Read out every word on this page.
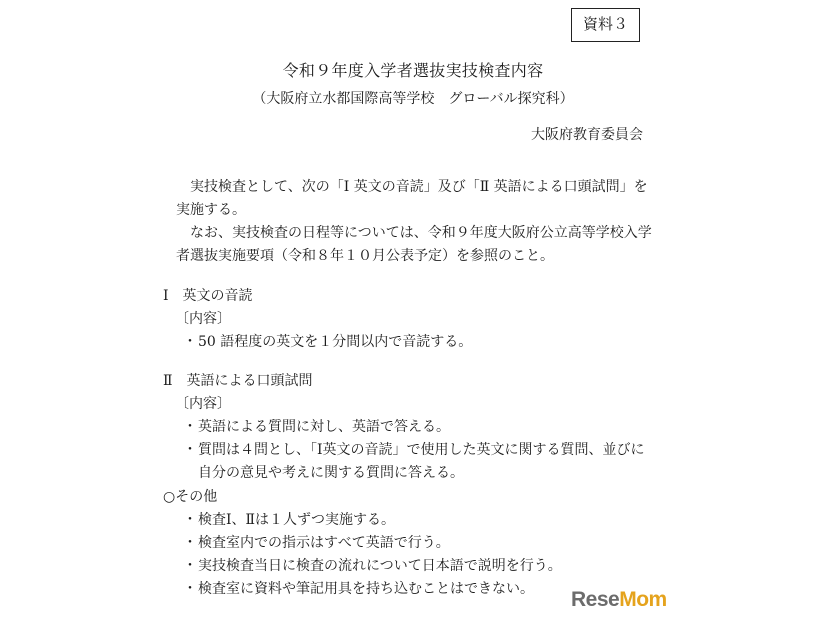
資料３
令和９年度入学者選抜実技検査内容
（大阪府立水都国際高等学校　グローバル探究科）
大阪府教育委員会

実技検査として、次の「Ⅰ 英文の音読」及び「Ⅱ 英語による口頭試問」を実施する。

なお、実技検査の日程等については、令和９年度大阪府公立高等学校入学者選抜実施要項（令和８年１０月公表予定）を参照のこと。

Ⅰ　英文の音読

〔内容〕

・ 50 語程度の英文を１分間以内で音読する。

Ⅱ　英語による口頭試問

〔内容〕

・ 英語による質問に対し、英語で答える。
・ 質問は４問とし、「Ⅰ英文の音読」で使用した英文に関する質問、並びに自分の意見や考えに関する質問に答える。

○その他

・ 検査Ⅰ、Ⅱは１人ずつ実施する。
・ 検査室内での指示はすべて英語で行う。
・ 実技検査当日に検査の流れについて日本語で説明を行う。
・ 検査室に資料や筆記用具を持ち込むことはできない。	ReseMom
